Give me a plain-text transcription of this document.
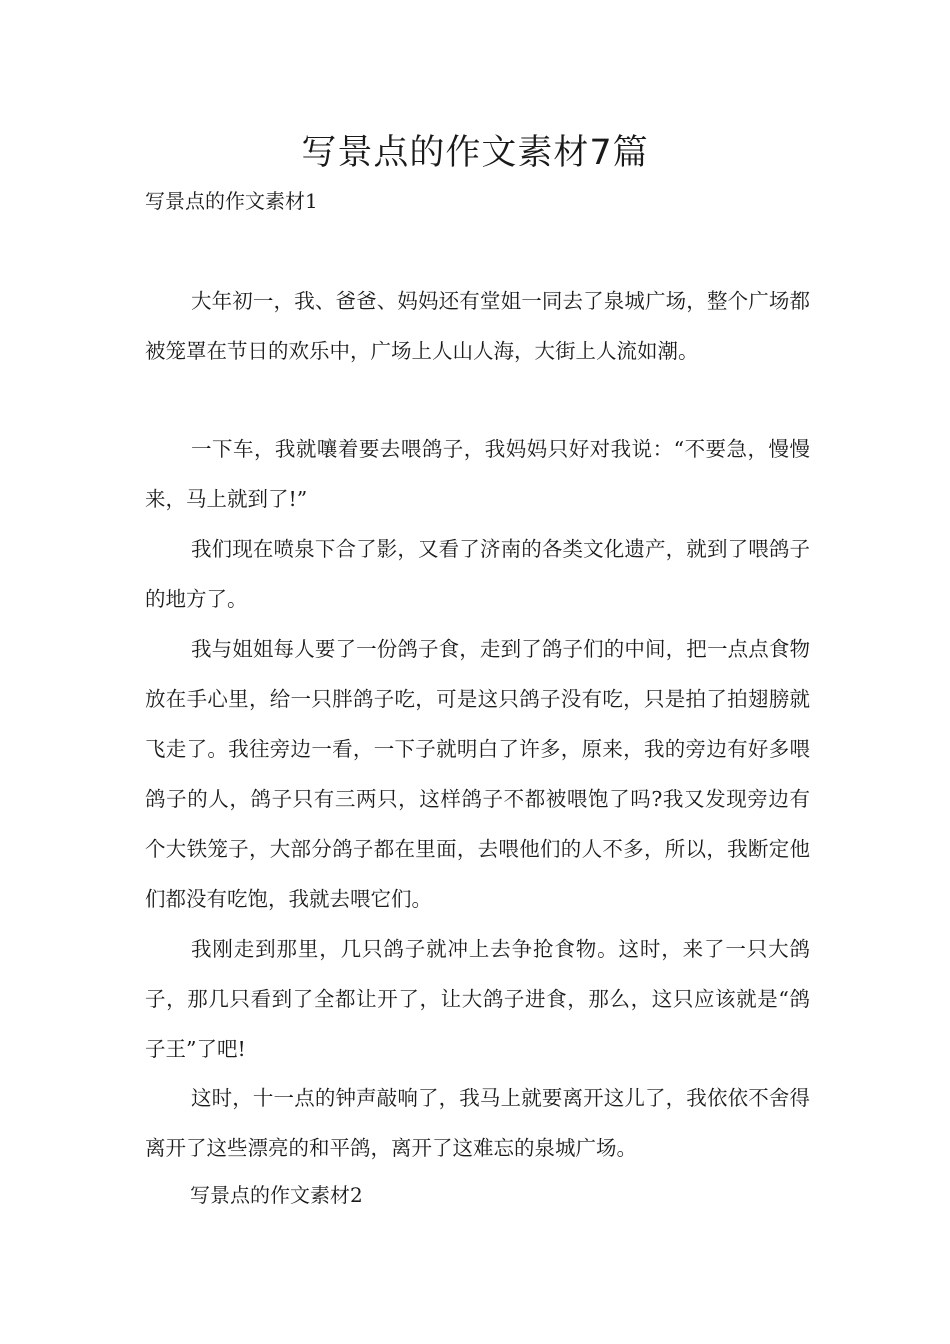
写景点的作文素材7篇
写景点的作文素材1

大年初一，我、爸爸、妈妈还有堂姐一同去了泉城广场，整个广场都被笼罩在节日的欢乐中，广场上人山人海，大街上人流如潮。

一下车，我就嚷着要去喂鸽子，我妈妈只好对我说：“不要急，慢慢来，马上就到了!”

我们现在喷泉下合了影，又看了济南的各类文化遗产，就到了喂鸽子的地方了。

我与姐姐每人要了一份鸽子食，走到了鸽子们的中间，把一点点食物放在手心里，给一只胖鸽子吃，可是这只鸽子没有吃，只是拍了拍翅膀就飞走了。我往旁边一看，一下子就明白了许多，原来，我的旁边有好多喂鸽子的人，鸽子只有三两只，这样鸽子不都被喂饱了吗?我又发现旁边有个大铁笼子，大部分鸽子都在里面，去喂他们的人不多，所以，我断定他们都没有吃饱，我就去喂它们。

我刚走到那里，几只鸽子就冲上去争抢食物。这时，来了一只大鸽子，那几只看到了全都让开了，让大鸽子进食，那么，这只应该就是“鸽子王”了吧!

这时，十一点的钟声敲响了，我马上就要离开这儿了，我依依不舍得离开了这些漂亮的和平鸽，离开了这难忘的泉城广场。

写景点的作文素材2
